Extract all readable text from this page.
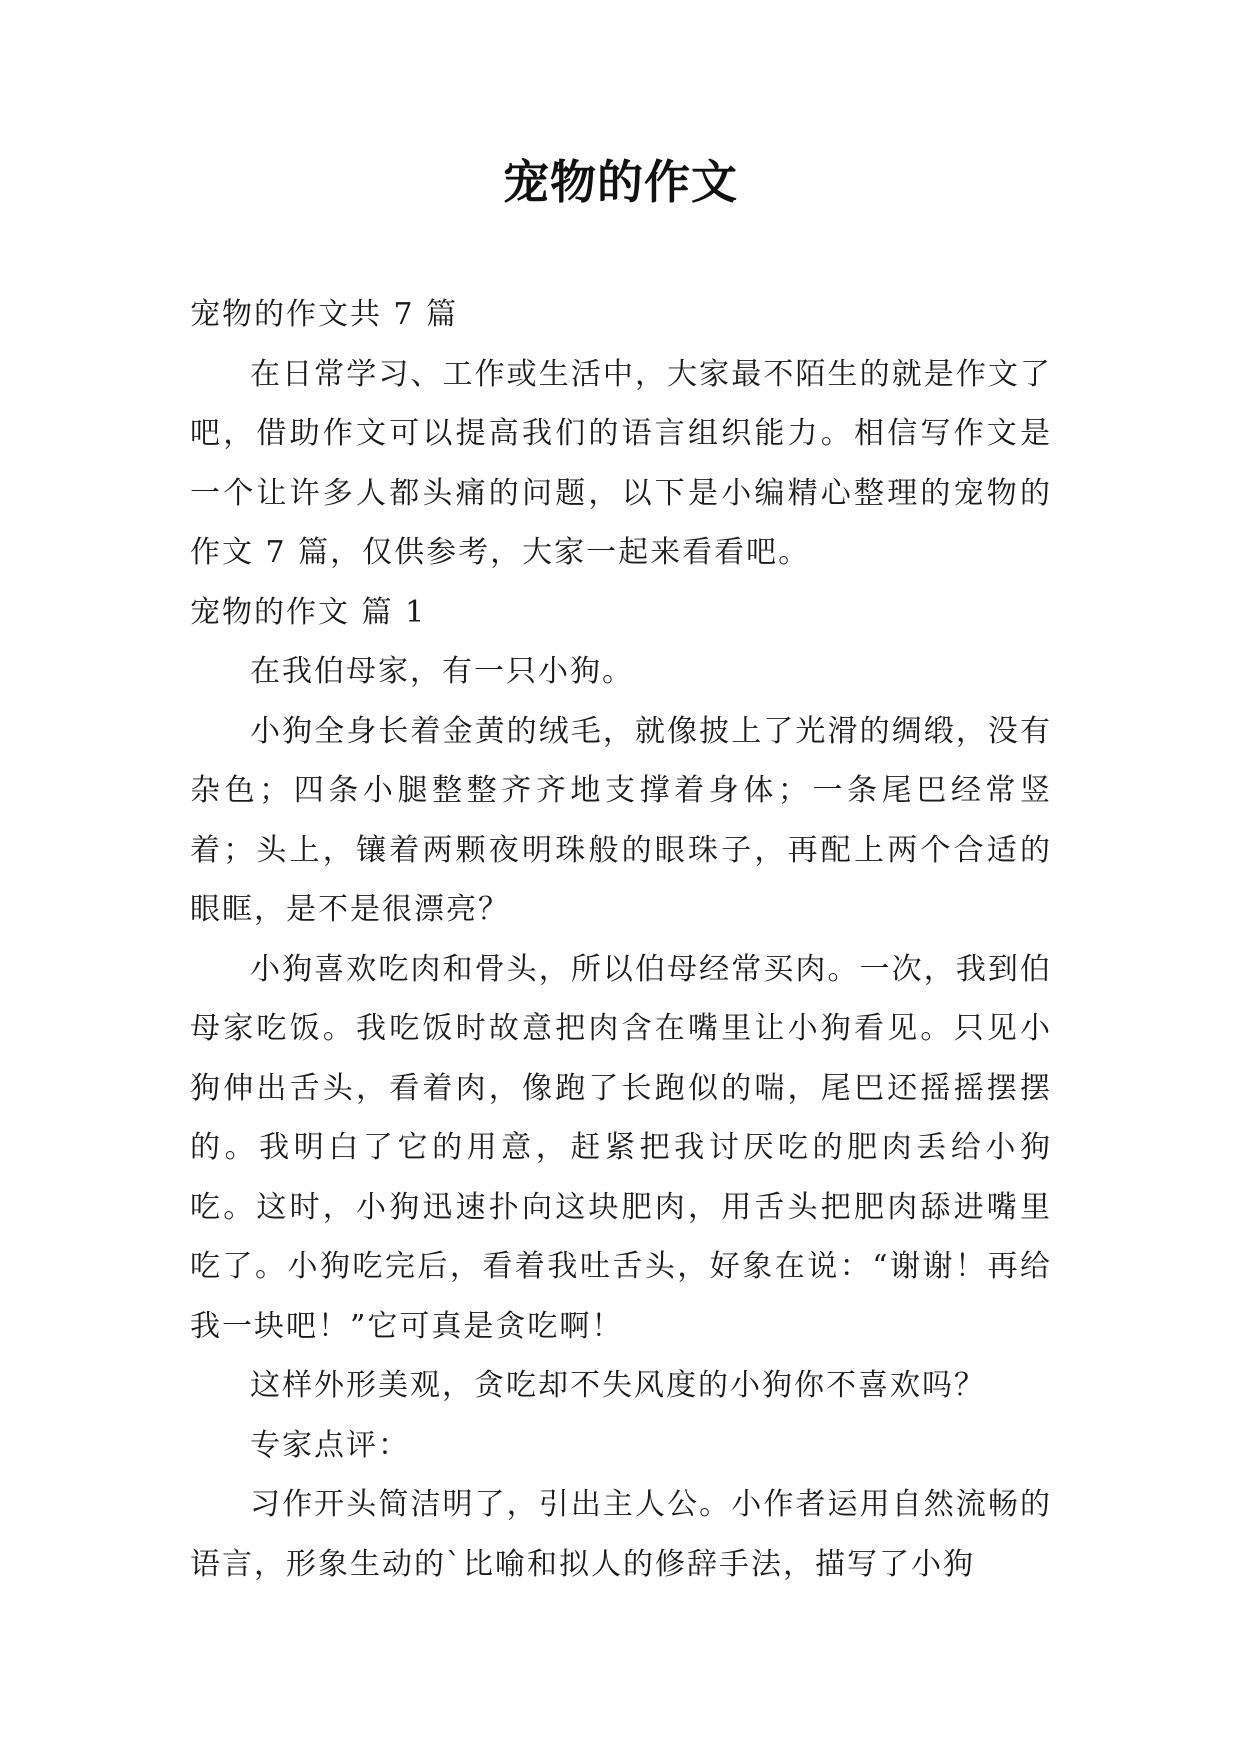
宠物的作文

宠物的作文共 7 篇

在日常学习、工作或生活中，大家最不陌生的就是作文了吧，借助作文可以提高我们的语言组织能力。相信写作文是一个让许多人都头痛的问题，以下是小编精心整理的宠物的作文 7 篇，仅供参考，大家一起来看看吧。

宠物的作文 篇 1

在我伯母家，有一只小狗。

小狗全身长着金黄的绒毛，就像披上了光滑的绸缎，没有杂色；四条小腿整整齐齐地支撑着身体；一条尾巴经常竖着；头上，镶着两颗夜明珠般的眼珠子，再配上两个合适的眼眶，是不是很漂亮？

小狗喜欢吃肉和骨头，所以伯母经常买肉。一次，我到伯母家吃饭。我吃饭时故意把肉含在嘴里让小狗看见。只见小狗伸出舌头，看着肉，像跑了长跑似的喘，尾巴还摇摇摆摆的。我明白了它的用意，赶紧把我讨厌吃的肥肉丢给小狗吃。这时，小狗迅速扑向这块肥肉，用舌头把肥肉舔进嘴里吃了。小狗吃完后，看着我吐舌头，好象在说：“谢谢！再给我一块吧！”它可真是贪吃啊！

这样外形美观，贪吃却不失风度的小狗你不喜欢吗？

专家点评：

习作开头简洁明了，引出主人公。小作者运用自然流畅的语言，形象生动的`比喻和拟人的修辞手法，描写了小狗
